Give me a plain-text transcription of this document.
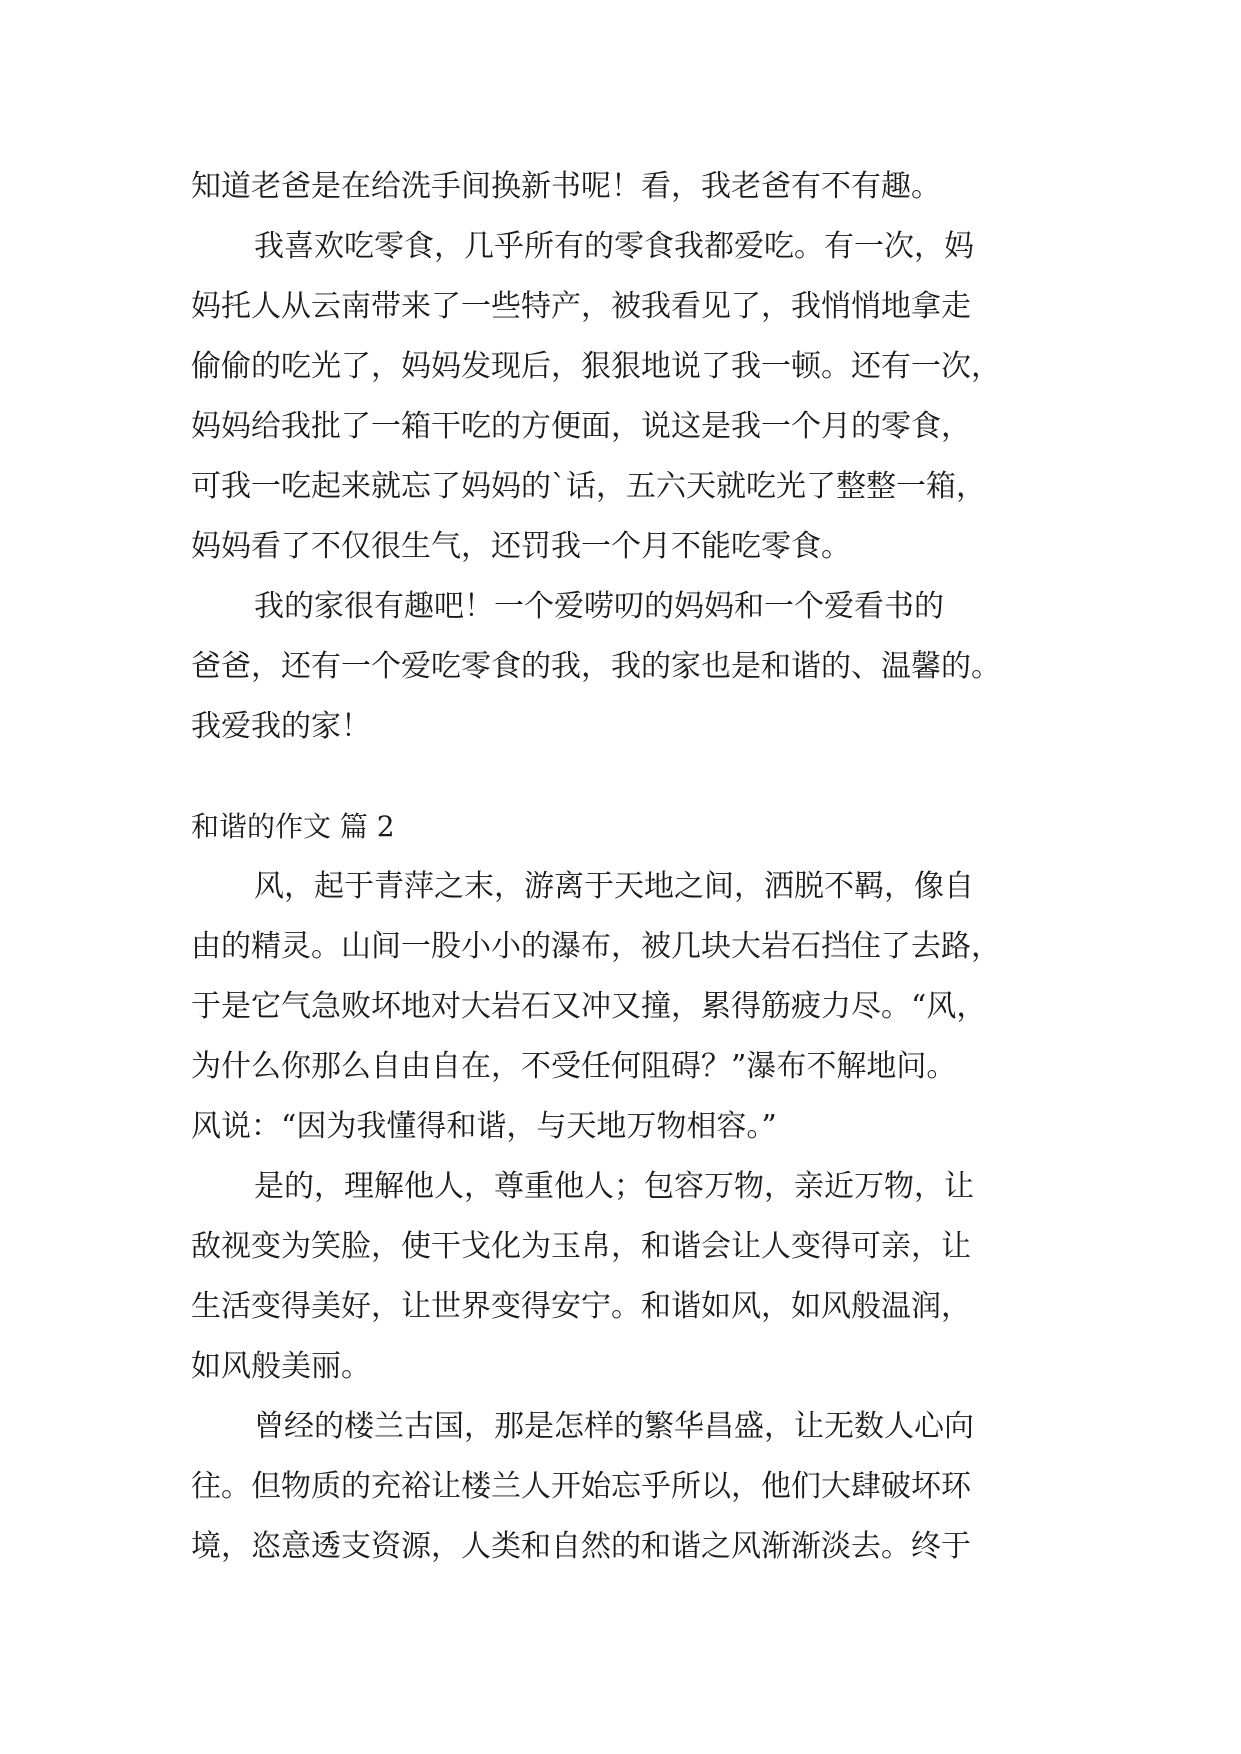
知道老爸是在给洗手间换新书呢！看，我老爸有不有趣。
我喜欢吃零食，几乎所有的零食我都爱吃。有一次，妈
妈托人从云南带来了一些特产，被我看见了，我悄悄地拿走
偷偷的吃光了，妈妈发现后，狠狠地说了我一顿。还有一次，
妈妈给我批了一箱干吃的方便面，说这是我一个月的零食，
可我一吃起来就忘了妈妈的`话，五六天就吃光了整整一箱，
妈妈看了不仅很生气，还罚我一个月不能吃零食。
我的家很有趣吧！一个爱唠叨的妈妈和一个爱看书的
爸爸，还有一个爱吃零食的我，我的家也是和谐的、温馨的。
我爱我的家！
和谐的作文 篇 2
风，起于青萍之末，游离于天地之间，洒脱不羁，像自
由的精灵。山间一股小小的瀑布，被几块大岩石挡住了去路，
于是它气急败坏地对大岩石又冲又撞，累得筋疲力尽。“风，
为什么你那么自由自在，不受任何阻碍？”瀑布不解地问。
风说：“因为我懂得和谐，与天地万物相容。”
是的，理解他人，尊重他人；包容万物，亲近万物，让
敌视变为笑脸，使干戈化为玉帛，和谐会让人变得可亲，让
生活变得美好，让世界变得安宁。和谐如风，如风般温润，
如风般美丽。
曾经的楼兰古国，那是怎样的繁华昌盛，让无数人心向
往。但物质的充裕让楼兰人开始忘乎所以，他们大肆破坏环
境，恣意透支资源，人类和自然的和谐之风渐渐淡去。终于
